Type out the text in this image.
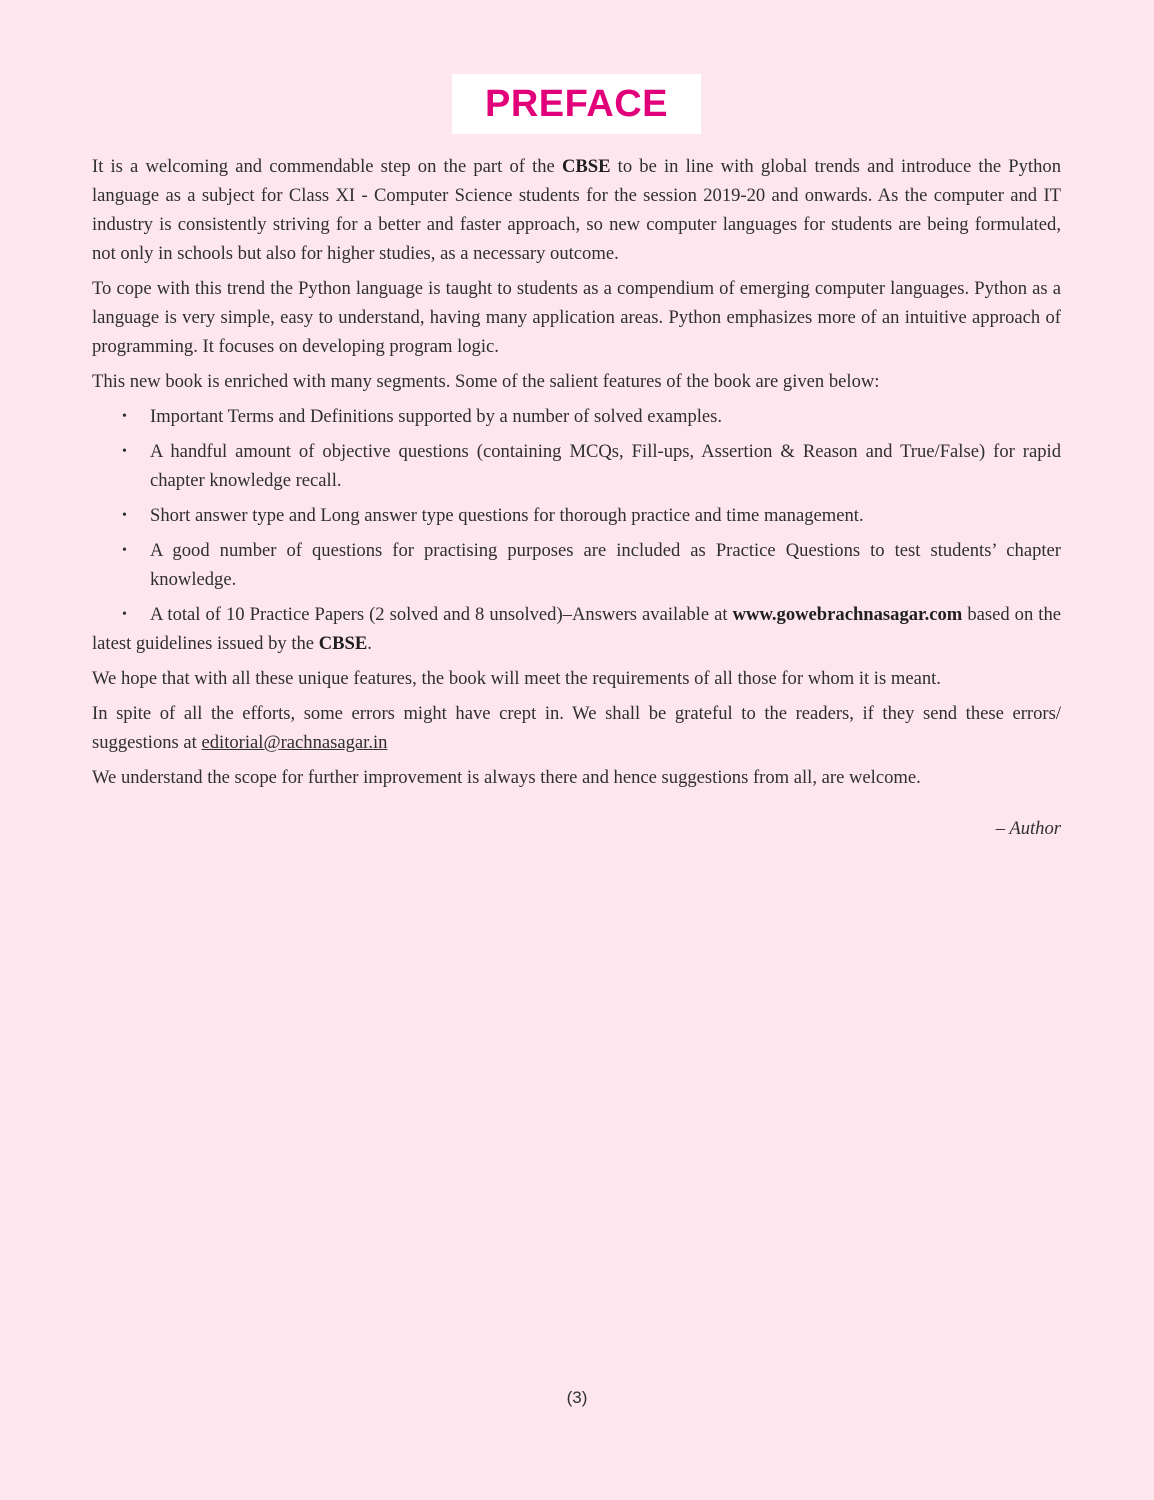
PREFACE

It is a welcoming and commendable step on the part of the CBSE to be in line with global trends and introduce the Python language as a subject for Class XI - Computer Science students for the session 2019-20 and onwards. As the computer and IT industry is consistently striving for a better and faster approach, so new computer languages for students are being formulated, not only in schools but also for higher studies, as a necessary outcome.

To cope with this trend the Python language is taught to students as a compendium of emerging computer languages. Python as a language is very simple, easy to understand, having many application areas. Python emphasizes more of an intuitive approach of programming. It focuses on developing program logic.

This new book is enriched with many segments. Some of the salient features of the book are given below:

• Important Terms and Definitions supported by a number of solved examples.
• A handful amount of objective questions (containing MCQs, Fill-ups, Assertion & Reason and True/False) for rapid chapter knowledge recall.
• Short answer type and Long answer type questions for thorough practice and time management.
• A good number of questions for practising purposes are included as Practice Questions to test students’ chapter knowledge.
• A total of 10 Practice Papers (2 solved and 8 unsolved)–Answers available at www.gowebrachnasagar.com based on the latest guidelines issued by the CBSE.

We hope that with all these unique features, the book will meet the requirements of all those for whom it is meant.

In spite of all the efforts, some errors might have crept in. We shall be grateful to the readers, if they send these errors/ suggestions at editorial@rachnasagar.in

We understand the scope for further improvement is always there and hence suggestions from all, are welcome.

– Author
(3)
